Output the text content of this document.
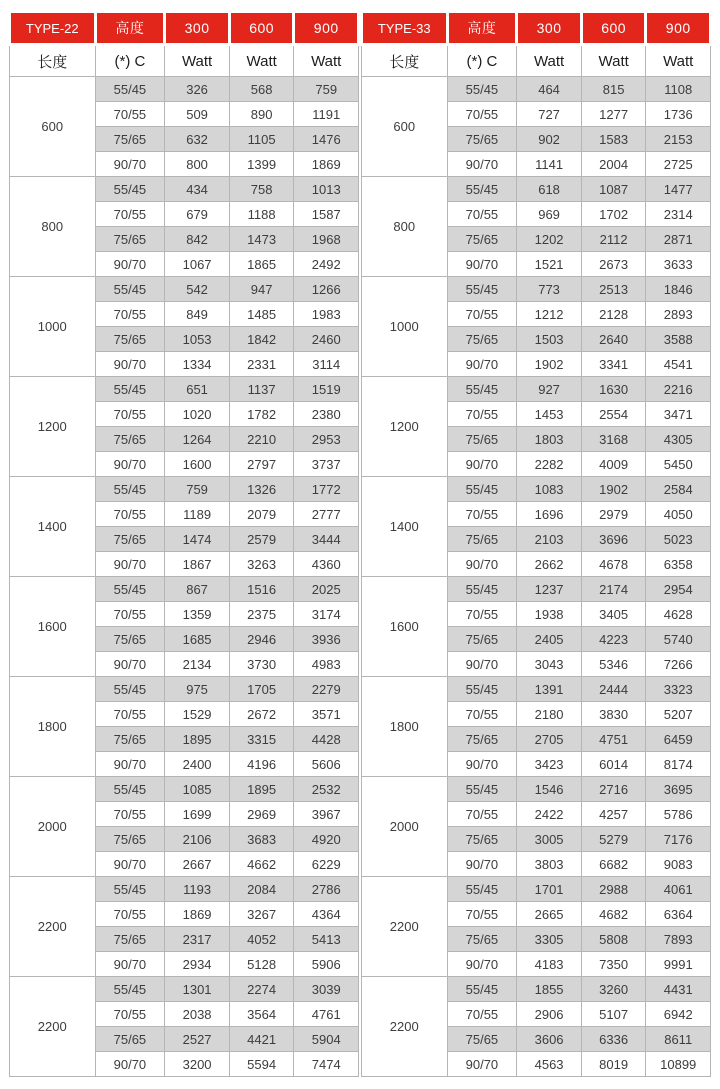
TYPE-22	高度	300	600	900
长度	(*) C	Watt	Watt	Watt
600	55/45	326	568	759
	70/55	509	890	1191
	75/65	632	1105	1476
	90/70	800	1399	1869
800	55/45	434	758	1013
	70/55	679	1188	1587
	75/65	842	1473	1968
	90/70	1067	1865	2492
1000	55/45	542	947	1266
	70/55	849	1485	1983
	75/65	1053	1842	2460
	90/70	1334	2331	3114
1200	55/45	651	1137	1519
	70/55	1020	1782	2380
	75/65	1264	2210	2953
	90/70	1600	2797	3737
1400	55/45	759	1326	1772
	70/55	1189	2079	2777
	75/65	1474	2579	3444
	90/70	1867	3263	4360
1600	55/45	867	1516	2025
	70/55	1359	2375	3174
	75/65	1685	2946	3936
	90/70	2134	3730	4983
1800	55/45	975	1705	2279
	70/55	1529	2672	3571
	75/65	1895	3315	4428
	90/70	2400	4196	5606
2000	55/45	1085	1895	2532
	70/55	1699	2969	3967
	75/65	2106	3683	4920
	90/70	2667	4662	6229
2200	55/45	1193	2084	2786
	70/55	1869	3267	4364
	75/65	2317	4052	5413
	90/70	2934	5128	5906
2200	55/45	1301	2274	3039
	70/55	2038	3564	4761
	75/65	2527	4421	5904
	90/70	3200	5594	7474
TYPE-33	高度	300	600	900
长度	(*) C	Watt	Watt	Watt
600	55/45	464	815	1108
	70/55	727	1277	1736
	75/65	902	1583	2153
	90/70	1141	2004	2725
800	55/45	618	1087	1477
	70/55	969	1702	2314
	75/65	1202	2112	2871
	90/70	1521	2673	3633
1000	55/45	773	2513	1846
	70/55	1212	2128	2893
	75/65	1503	2640	3588
	90/70	1902	3341	4541
1200	55/45	927	1630	2216
	70/55	1453	2554	3471
	75/65	1803	3168	4305
	90/70	2282	4009	5450
1400	55/45	1083	1902	2584
	70/55	1696	2979	4050
	75/65	2103	3696	5023
	90/70	2662	4678	6358
1600	55/45	1237	2174	2954
	70/55	1938	3405	4628
	75/65	2405	4223	5740
	90/70	3043	5346	7266
1800	55/45	1391	2444	3323
	70/55	2180	3830	5207
	75/65	2705	4751	6459
	90/70	3423	6014	8174
2000	55/45	1546	2716	3695
	70/55	2422	4257	5786
	75/65	3005	5279	7176
	90/70	3803	6682	9083
2200	55/45	1701	2988	4061
	70/55	2665	4682	6364
	75/65	3305	5808	7893
	90/70	4183	7350	9991
2200	55/45	1855	3260	4431
	70/55	2906	5107	6942
	75/65	3606	6336	8611
	90/70	4563	8019	10899
